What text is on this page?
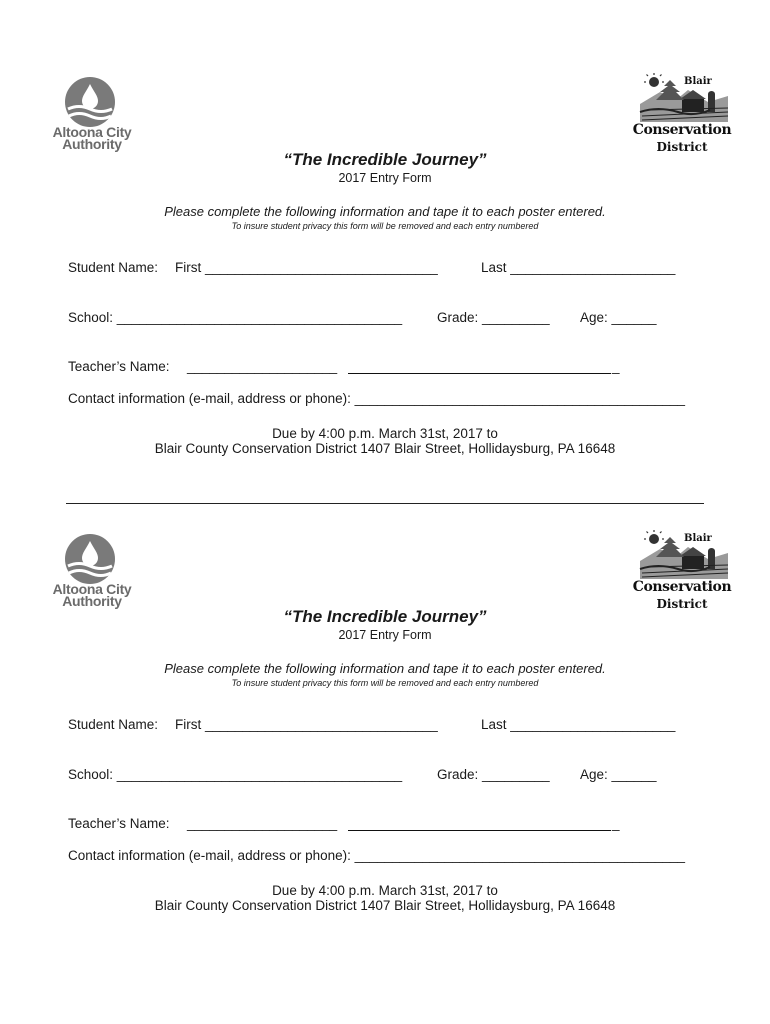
Altoona City
Authority
Blair
Conservation
District
“The Incredible Journey”
2017 Entry Form
Please complete the following information and tape it to each poster entered.
To insure student privacy this form will be removed and each entry numbered
Student Name: First _______________________________	Last ______________________
School: ______________________________________	Grade: _________ Age: ______
Teacher’s Name: ____________________	_
Contact information (e-mail, address or phone): ____________________________________________
Due by 4:00 p.m. March 31st, 2017 to
Blair County Conservation District 1407 Blair Street, Hollidaysburg, PA 16648
Altoona City
Authority
Blair
Conservation
District
“The Incredible Journey”
2017 Entry Form
Please complete the following information and tape it to each poster entered.
To insure student privacy this form will be removed and each entry numbered
Student Name: First _______________________________	Last ______________________
School: ______________________________________	Grade: _________ Age: ______
Teacher’s Name: ____________________	_
Contact information (e-mail, address or phone): ____________________________________________
Due by 4:00 p.m. March 31st, 2017 to
Blair County Conservation District 1407 Blair Street, Hollidaysburg, PA 16648
